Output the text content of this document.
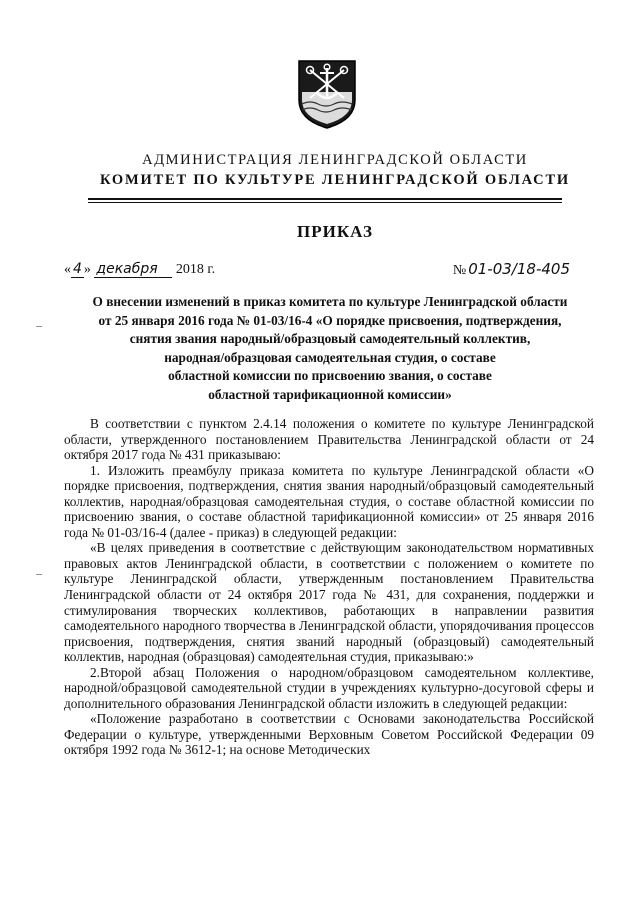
АДМИНИСТРАЦИЯ ЛЕНИНГРАДСКОЙ ОБЛАСТИ
КОМИТЕТ ПО КУЛЬТУРЕ ЛЕНИНГРАДСКОЙ ОБЛАСТИ
ПРИКАЗ
« 4 » декабря 2018 г.	№ 01-03/18-405
О внесении изменений в приказ комитета по культуре Ленинградской области
от 25 января 2016 года № 01-03/16-4 «О порядке присвоения, подтверждения,
снятия звания народный/образцовый самодеятельный коллектив,
народная/образцовая самодеятельная студия, о составе
областной комиссии по присвоению звания, о составе
областной тарификационной комиссии»

В соответствии с пунктом 2.4.14 положения о комитете по культуре Ленинградской области, утвержденного постановлением Правительства Ленинградской области от 24 октября 2017 года № 431 приказываю:

1. Изложить преамбулу приказа комитета по культуре Ленинградской области «О порядке присвоения, подтверждения, снятия звания народный/образцовый самодеятельный коллектив, народная/образцовая самодеятельная студия, о составе областной комиссии по присвоению звания, о составе областной тарификационной комиссии» от 25 января 2016 года № 01-03/16-4 (далее - приказ) в следующей редакции:

«В целях приведения в соответствие с действующим законодательством нормативных правовых актов Ленинградской области, в соответствии с положением о комитете по культуре Ленинградской области, утвержденным постановлением Правительства Ленинградской области от 24 октября 2017 года № 431, для сохранения, поддержки и стимулирования творческих коллективов, работающих в направлении развития самодеятельного народного творчества в Ленинградской области, упорядочивания процессов присвоения, подтверждения, снятия званий народный (образцовый) самодеятельный коллектив, народная (образцовая) самодеятельная студия, приказываю:»

2.Второй абзац Положения о народном/образцовом самодеятельном коллективе, народной/образцовой самодеятельной студии в учреждениях культурно-досуговой сферы и дополнительного образования Ленинградской области изложить в следующей редакции:

«Положение разработано в соответствии с Основами законодательства Российской Федерации о культуре, утвержденными Верховным Советом Российской Федерации 09 октября 1992 года № 3612-1; на основе Методических

–
–
